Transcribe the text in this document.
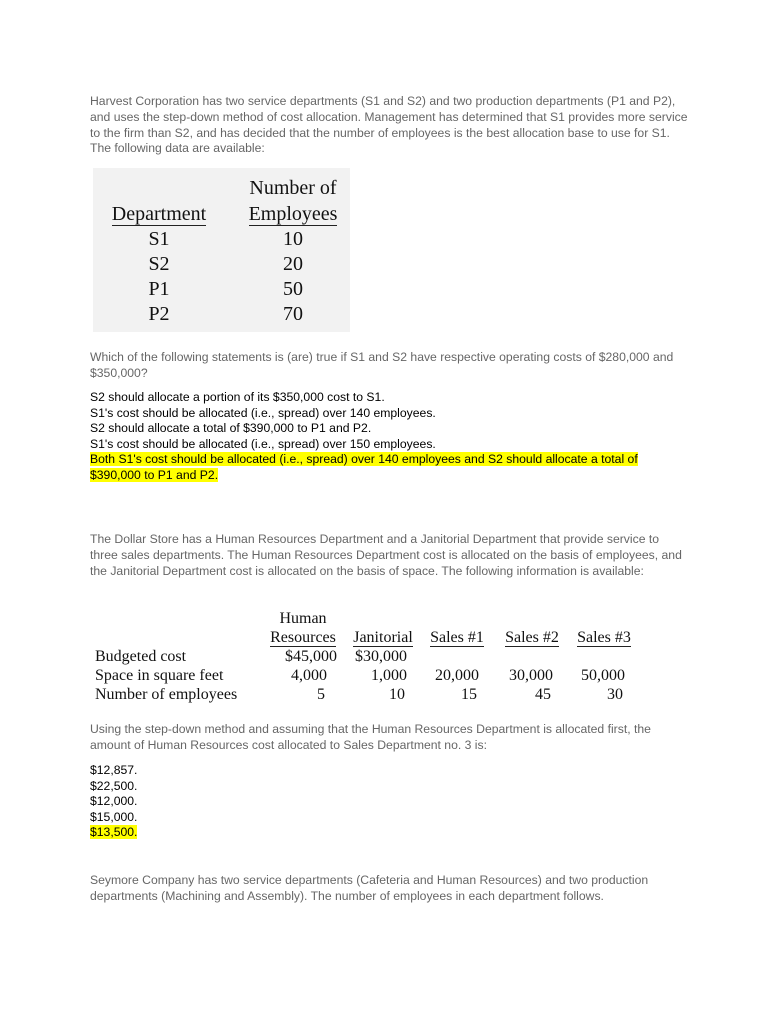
Harvest Corporation has two service departments (S1 and S2) and two production departments (P1 and P2), and uses the step-down method of cost allocation. Management has determined that S1 provides more service to the firm than S2, and has decided that the number of employees is the best allocation base to use for S1. The following data are available:

Number of
Department	Employees
S1	10
S2	20
P1	50
P2	70

Which of the following statements is (are) true if S1 and S2 have respective operating costs of $280,000 and $350,000?

S2 should allocate a portion of its $350,000 cost to S1.
S1's cost should be allocated (i.e., spread) over 140 employees.
S2 should allocate a total of $390,000 to P1 and P2.
S1's cost should be allocated (i.e., spread) over 150 employees.
Both S1's cost should be allocated (i.e., spread) over 140 employees and S2 should allocate a total of $390,000 to P1 and P2.

The Dollar Store has a Human Resources Department and a Janitorial Department that provide service to three sales departments. The Human Resources Department cost is allocated on the basis of employees, and the Janitorial Department cost is allocated on the basis of space. The following information is available:

Human
Resources	Janitorial	Sales #1	Sales #2	Sales #3
Budgeted cost	$45,000	$30,000
Space in square feet	4,000	1,000	20,000	30,000	50,000
Number of employees	5	10	15	45	30

Using the step-down method and assuming that the Human Resources Department is allocated first, the amount of Human Resources cost allocated to Sales Department no. 3 is:

$12,857.
$22,500.
$12,000.
$15,000.
$13,500.

Seymore Company has two service departments (Cafeteria and Human Resources) and two production departments (Machining and Assembly). The number of employees in each department follows.
